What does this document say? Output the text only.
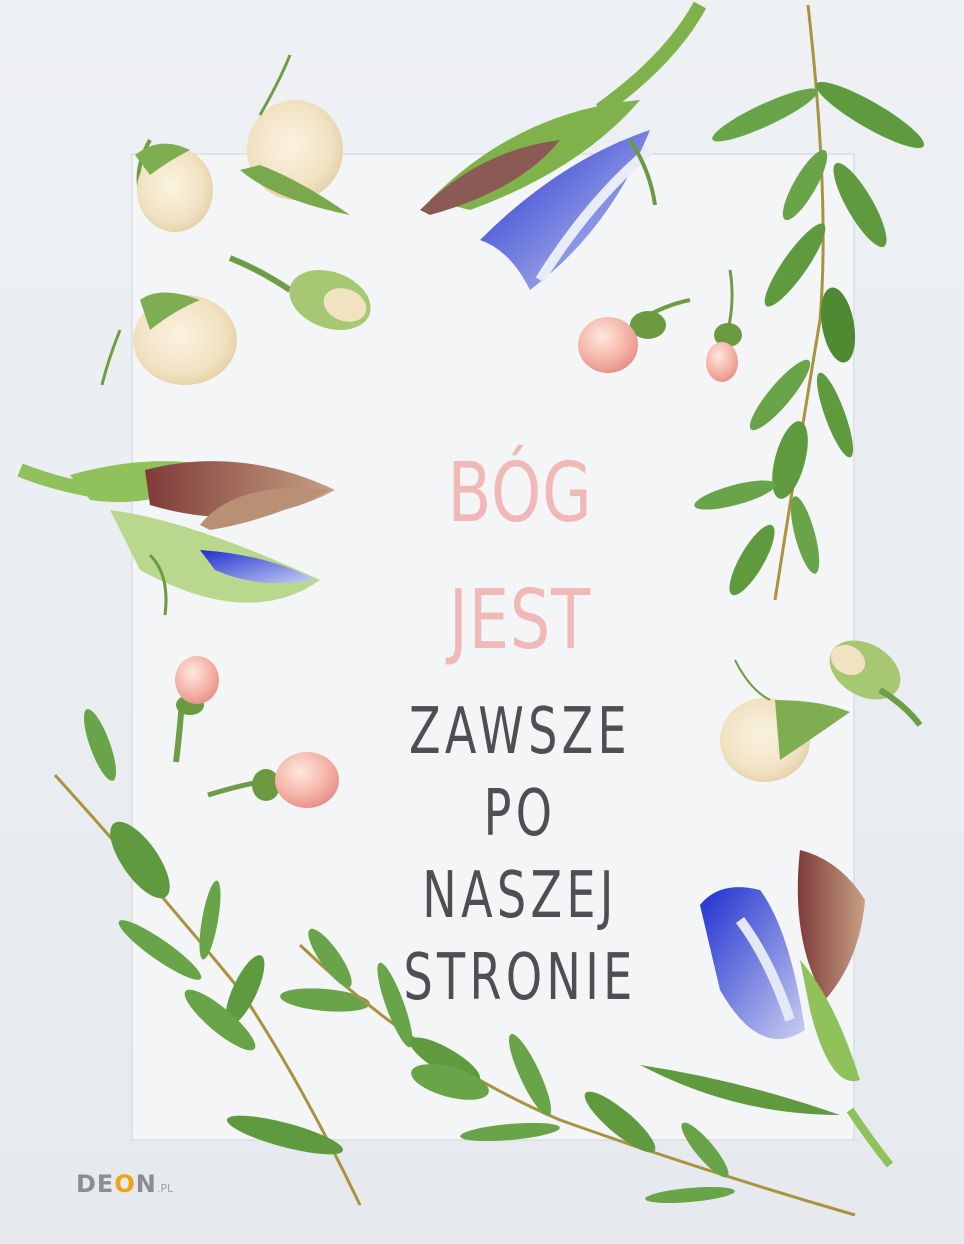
BÓG JEST
ZAWSZE
PO NASZEJ
STRONIE
DEON.PL
